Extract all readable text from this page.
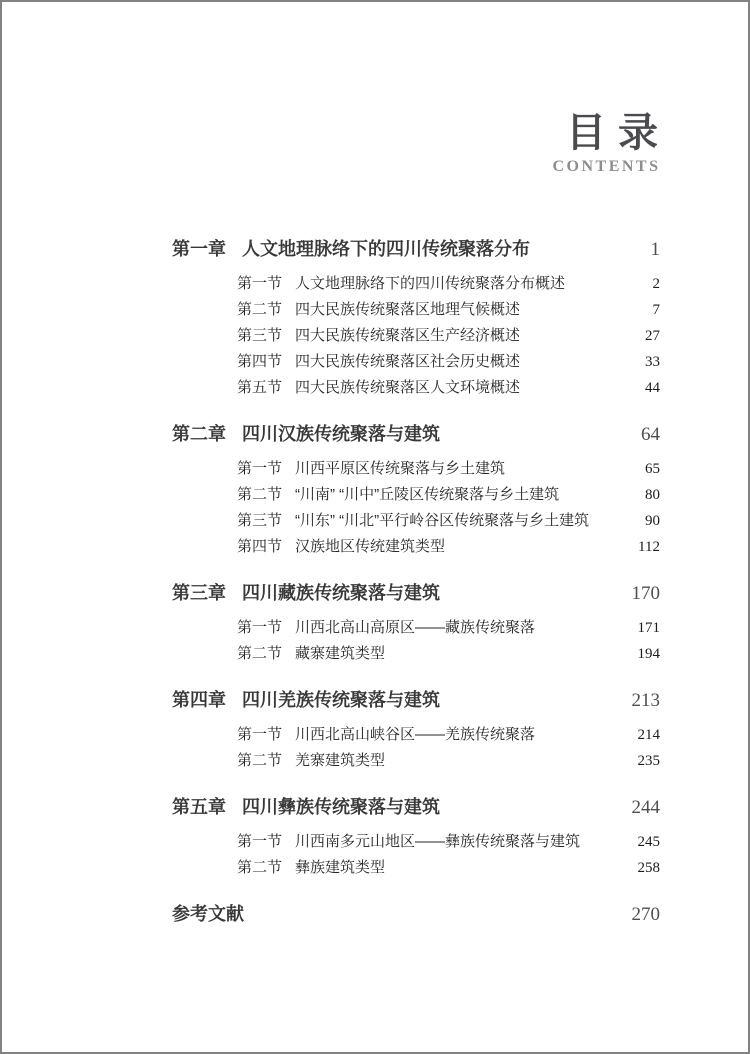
目录
CONTENTS
第一章 人文地理脉络下的四川传统聚落分布	1
第一节 人文地理脉络下的四川传统聚落分布概述	2
第二节 四大民族传统聚落区地理气候概述	7
第三节 四大民族传统聚落区生产经济概述	27
第四节 四大民族传统聚落区社会历史概述	33
第五节 四大民族传统聚落区人文环境概述	44
第二章 四川汉族传统聚落与建筑	64
第一节 川西平原区传统聚落与乡土建筑	65
第二节 “川南” “川中”丘陵区传统聚落与乡土建筑	80
第三节 “川东” “川北”平行岭谷区传统聚落与乡土建筑	90
第四节 汉族地区传统建筑类型	112
第三章 四川藏族传统聚落与建筑	170
第一节 川西北高山高原区——藏族传统聚落	171
第二节 藏寨建筑类型	194
第四章 四川羌族传统聚落与建筑	213
第一节 川西北高山峡谷区——羌族传统聚落	214
第二节 羌寨建筑类型	235
第五章 四川彝族传统聚落与建筑	244
第一节 川西南多元山地区——彝族传统聚落与建筑	245
第二节 彝族建筑类型	258
参考文献	270
